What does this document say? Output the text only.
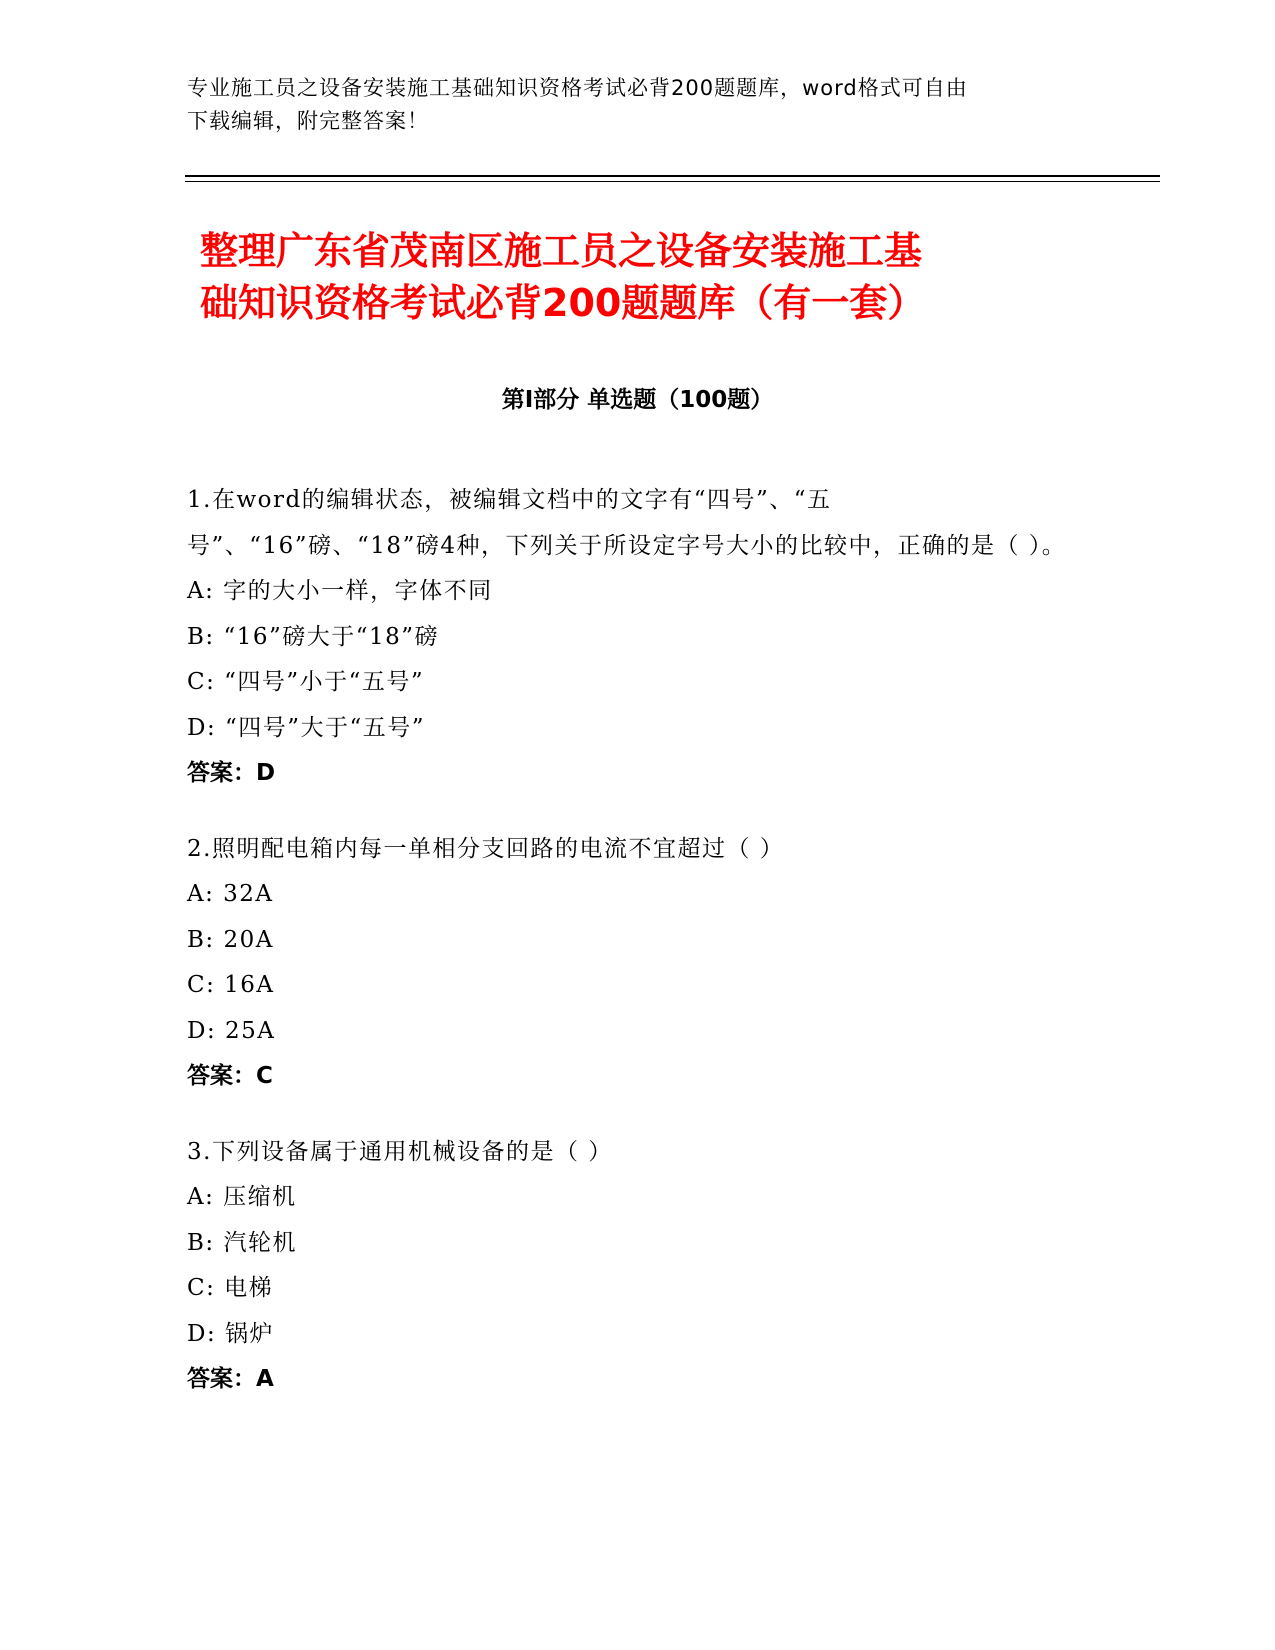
专业施工员之设备安装施工基础知识资格考试必背200题题库，word格式可自由
下载编辑，附完整答案！
整理广东省茂南区施工员之设备安装施工基
础知识资格考试必背200题题库（有一套）
第Ⅰ部分 单选题（100题）

1.在word的编辑状态，被编辑文档中的文字有“四号”、“五号”、“16”磅、“18”磅4种，下列关于所设定字号大小的比较中，正确的是（ ）。

A: 字的大小一样，字体不同

B: “16”磅大于“18”磅

C: “四号”小于“五号”

D: “四号”大于“五号”

答案：D

2.照明配电箱内每一单相分支回路的电流不宜超过（ ）

A: 32A

B: 20A

C: 16A

D: 25A

答案：C

3.下列设备属于通用机械设备的是（ ）

A: 压缩机

B: 汽轮机

C: 电梯

D: 锅炉

答案：A
